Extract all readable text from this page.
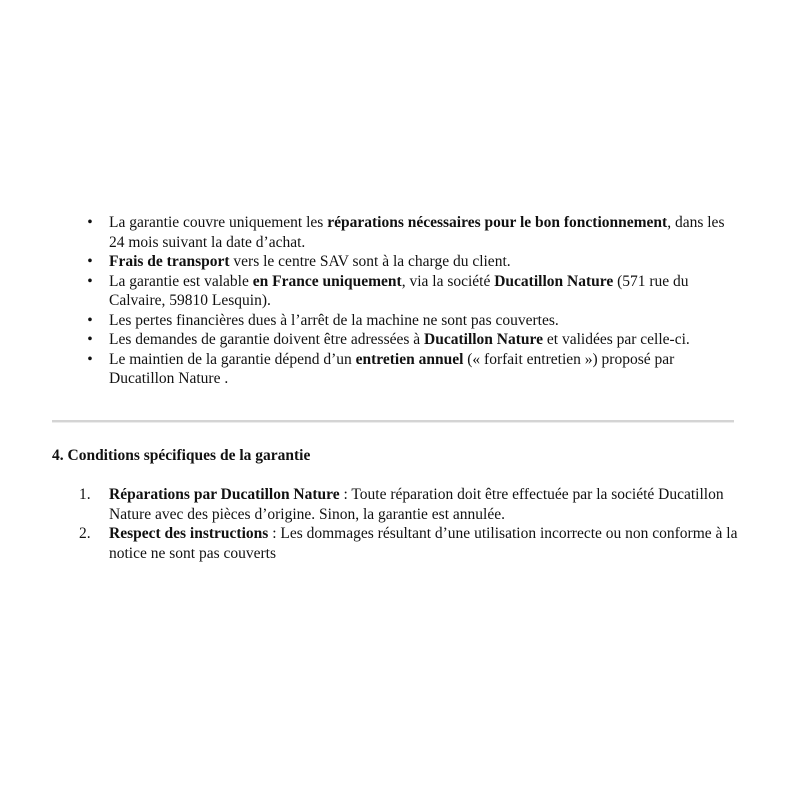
• La garantie couvre uniquement les réparations nécessaires pour le bon fonctionnement, dans les 24 mois suivant la date d’achat.
• Frais de transport vers le centre SAV sont à la charge du client.
• La garantie est valable en France uniquement, via la société Ducatillon Nature (571 rue du Calvaire, 59810 Lesquin).
• Les pertes financières dues à l’arrêt de la machine ne sont pas couvertes.
• Les demandes de garantie doivent être adressées à Ducatillon Nature et validées par celle-ci.
• Le maintien de la garantie dépend d’un entretien annuel (« forfait entretien ») proposé par Ducatillon Nature .
4. Conditions spécifiques de la garantie
1. Réparations par Ducatillon Nature : Toute réparation doit être effectuée par la société Ducatillon Nature avec des pièces d’origine. Sinon, la garantie est annulée.
2. Respect des instructions : Les dommages résultant d’une utilisation incorrecte ou non conforme à la notice ne sont pas couverts
